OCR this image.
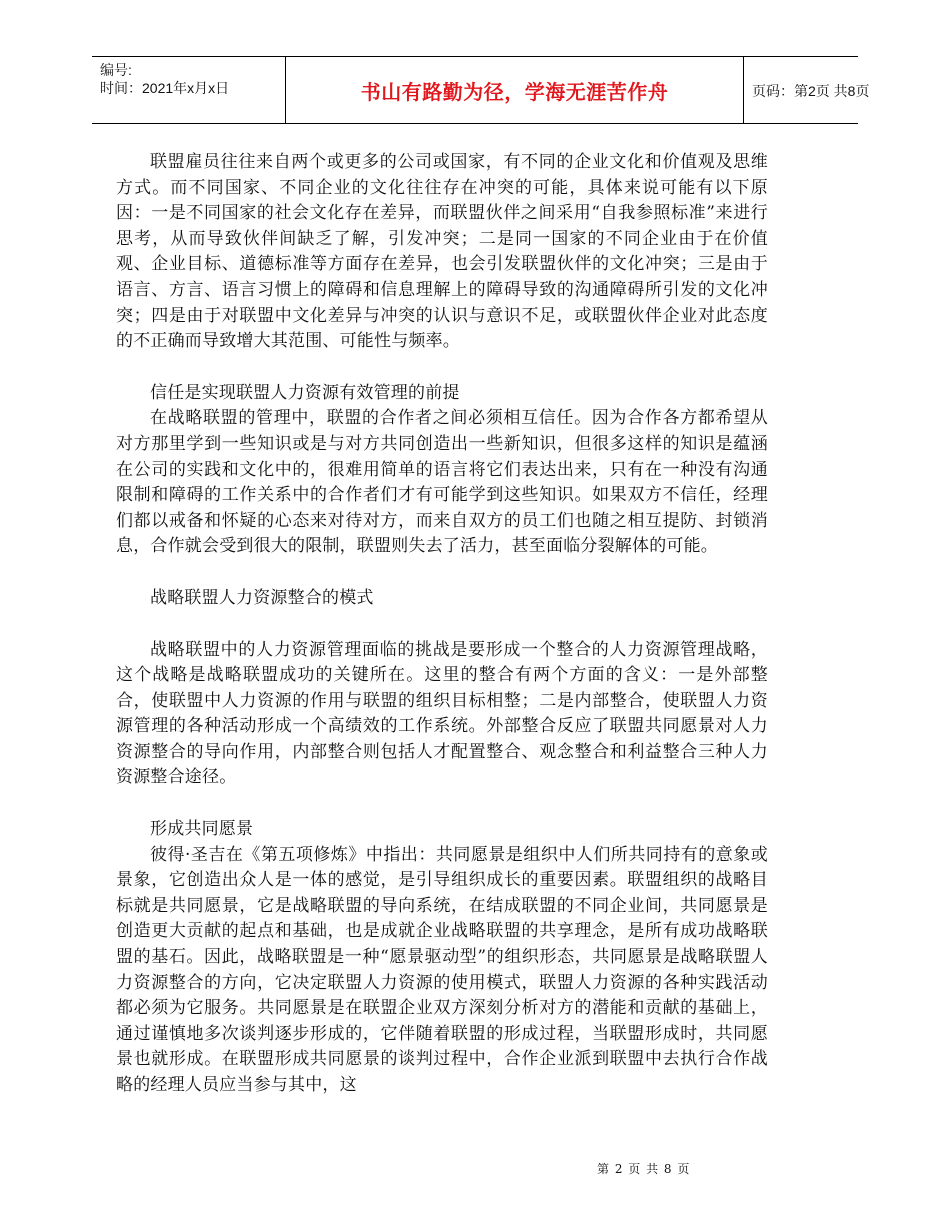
编号:
时间：2021年x月x日	书山有路勤为径，学海无涯苦作舟	页码：第2页 共8页

联盟雇员往往来自两个或更多的公司或国家，有不同的企业文化和价值观及思维方式。而不同国家、不同企业的文化往往存在冲突的可能，具体来说可能有以下原因：一是不同国家的社会文化存在差异，而联盟伙伴之间采用“自我参照标准”来进行思考，从而导致伙伴间缺乏了解，引发冲突；二是同一国家的不同企业由于在价值观、企业目标、道德标准等方面存在差异，也会引发联盟伙伴的文化冲突；三是由于语言、方言、语言习惯上的障碍和信息理解上的障碍导致的沟通障碍所引发的文化冲突；四是由于对联盟中文化差异与冲突的认识与意识不足，或联盟伙伴企业对此态度的不正确而导致增大其范围、可能性与频率。

信任是实现联盟人力资源有效管理的前提

在战略联盟的管理中，联盟的合作者之间必须相互信任。因为合作各方都希望从对方那里学到一些知识或是与对方共同创造出一些新知识，但很多这样的知识是蕴涵在公司的实践和文化中的，很难用简单的语言将它们表达出来，只有在一种没有沟通限制和障碍的工作关系中的合作者们才有可能学到这些知识。如果双方不信任，经理们都以戒备和怀疑的心态来对待对方，而来自双方的员工们也随之相互提防、封锁消息，合作就会受到很大的限制，联盟则失去了活力，甚至面临分裂解体的可能。

战略联盟人力资源整合的模式

战略联盟中的人力资源管理面临的挑战是要形成一个整合的人力资源管理战略，这个战略是战略联盟成功的关键所在。这里的整合有两个方面的含义：一是外部整合，使联盟中人力资源的作用与联盟的组织目标相整；二是内部整合，使联盟人力资源管理的各种活动形成一个高绩效的工作系统。外部整合反应了联盟共同愿景对人力资源整合的导向作用，内部整合则包括人才配置整合、观念整合和利益整合三种人力资源整合途径。

形成共同愿景

彼得·圣吉在《第五项修炼》中指出：共同愿景是组织中人们所共同持有的意象或景象，它创造出众人是一体的感觉，是引导组织成长的重要因素。联盟组织的战略目标就是共同愿景，它是战略联盟的导向系统，在结成联盟的不同企业间，共同愿景是创造更大贡献的起点和基础，也是成就企业战略联盟的共享理念，是所有成功战略联盟的基石。因此，战略联盟是一种“愿景驱动型”的组织形态，共同愿景是战略联盟人力资源整合的方向，它决定联盟人力资源的使用模式，联盟人力资源的各种实践活动都必须为它服务。共同愿景是在联盟企业双方深刻分析对方的潜能和贡献的基础上，通过谨慎地多次谈判逐步形成的，它伴随着联盟的形成过程，当联盟形成时，共同愿景也就形成。在联盟形成共同愿景的谈判过程中，合作企业派到联盟中去执行合作战略的经理人员应当参与其中，这

第 2 页 共 8 页
